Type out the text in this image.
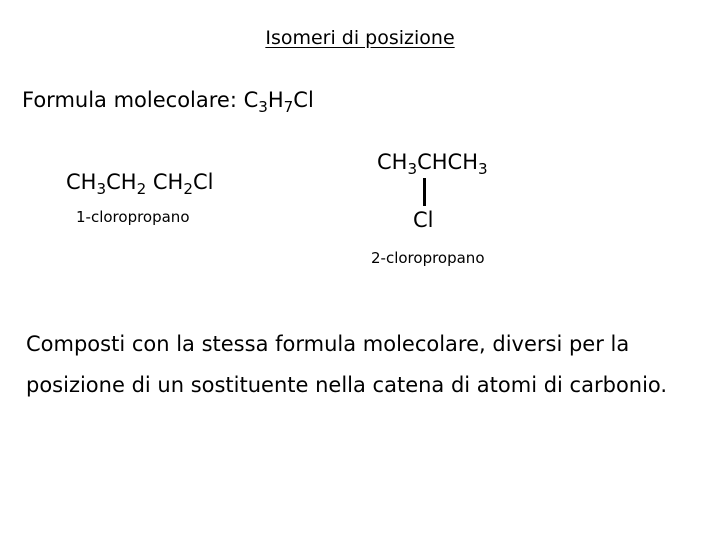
Isomeri di posizione
Formula molecolare: $C_3H_7Cl$
$CH_3CH_2$ $CH_2Cl$
1-cloropropano
$CH_3CHCH_3$
Cl
2-cloropropano
Composti con la stessa formula molecolare, diversi per la
posizione di un sostituente nella catena di atomi di carbonio.
